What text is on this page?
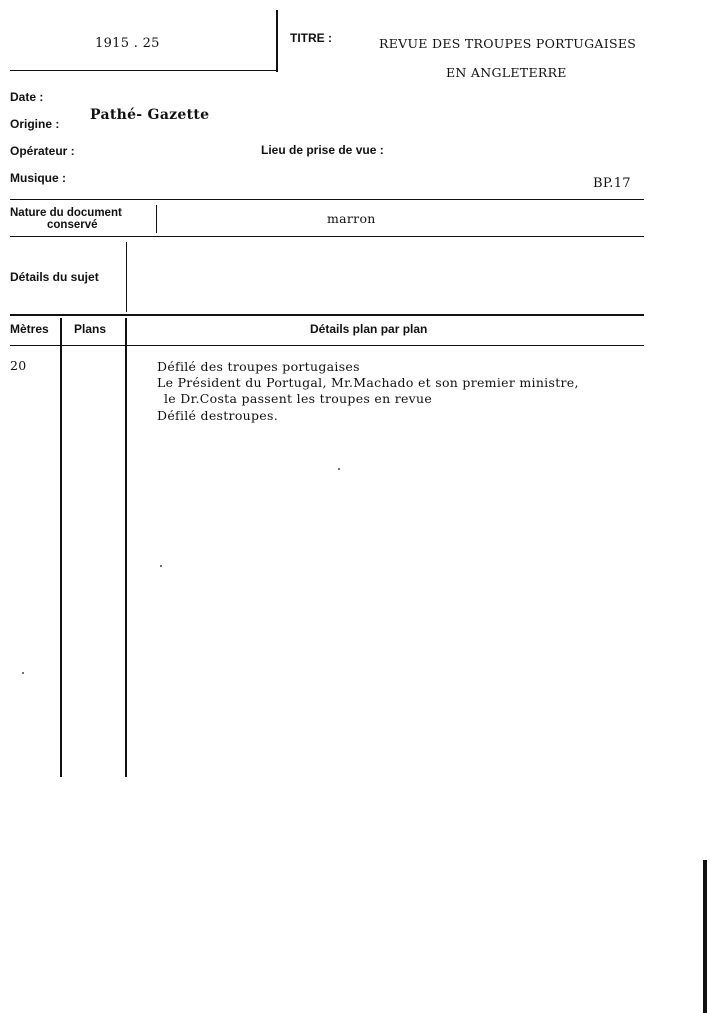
1915 . 25	TITRE :	REVUE DES TROUPES PORTUGAISES
EN ANGLETERRE
Date :
Origine :
Pathé- Gazette
Opérateur :	Lieu de prise de vue :
Musique :	BP.17
Nature du document
conservé	marron
Détails du sujet
Mètres Plans	Détails plan par plan
20	Défilé des troupes portugaises
Le Président du Portugal, Mr.Machado et son premier ministre,
le Dr.Costa passent les troupes en revue
Défilé destroupes.
